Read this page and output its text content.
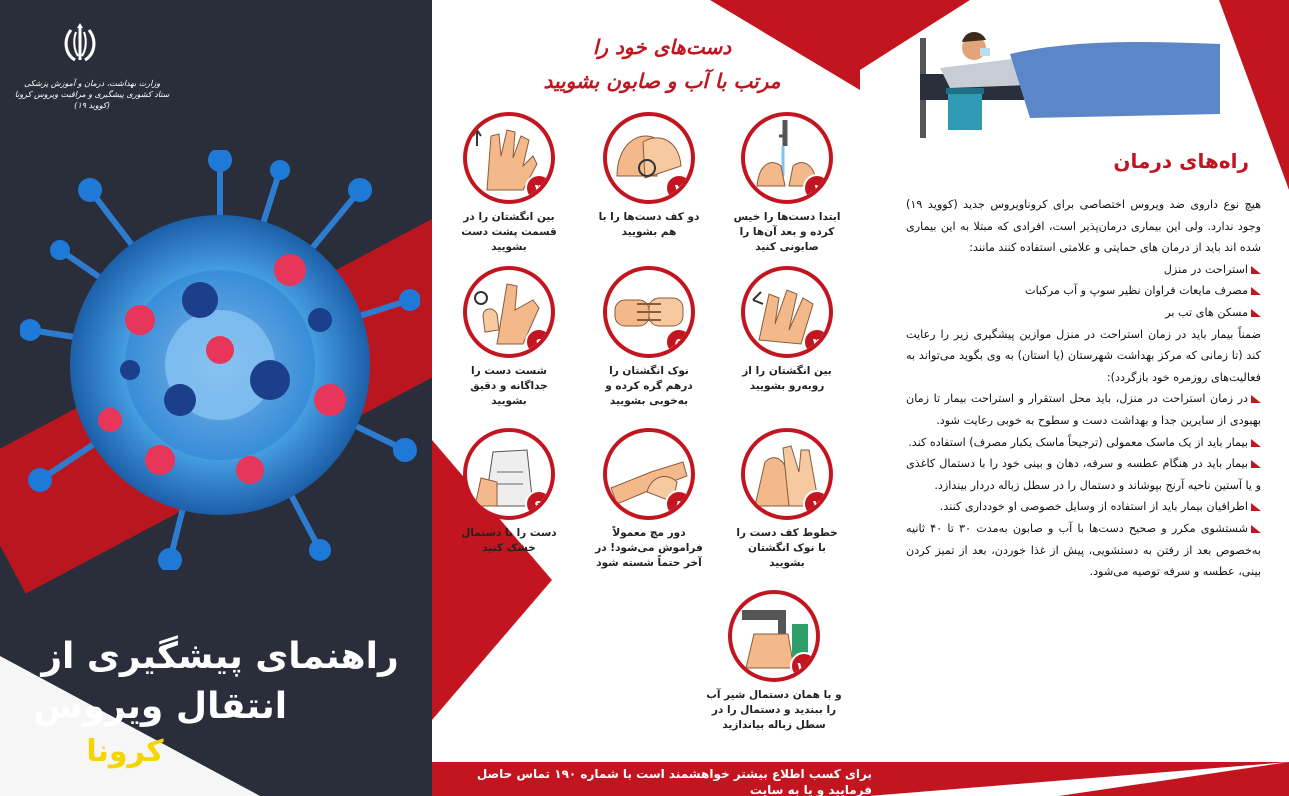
وزارت بهداشت، درمان و آموزش پزشکی
ستاد کشوری پیشگیری و مراقبت ویروس کرونا (کووید ۱۹)
راهنمای پیشگیری از
انتقال ویروس
کرونا
دست‌های خود را
مرتب با آب و صابون بشویید
۱
ابتدا دست‌ها را خیس کرده و بعد آن‌ها را صابونی کنید
۲
دو کف دست‌ها را با هم بشویید
۳
بین انگشتان را در قسمت پشت دست بشویید
۴
بین انگشتان را از روبه‌رو بشویید
۵
نوک انگشتان را درهم گره کرده و به‌خوبی بشویید
۶
شست دست را جداگانه و دقیق بشویید
۷
خطوط کف دست را با نوک انگشتان بشویید
۸
دور مچ معمولاً فراموش می‌شود! در آخر حتماً شسته شود
۹
دست را با دستمال خشک کنید
۱۰
و با همان دستمال شیر آب را ببندید و دستمال را در سطل زباله بیاندازید
راه‌های درمان

هیچ نوع داروی ضد ویروس اختصاصی برای کروناویروس جدید (کووید ۱۹) وجود ندارد. ولی این بیماری درمان‌پذیر است، افرادی که مبتلا به این بیماری شده اند باید از درمان های حمایتی و علامتی استفاده کنند مانند:

استراحت در منزل
مصرف مایعات فراوان نظیر سوپ و آب مرکبات
مسکن های تب بر

ضمناً بیمار باید در زمان استراحت در منزل موازین پیشگیری زیر را رعایت کند (تا زمانی که مرکز بهداشت شهرستان (یا استان) به وی بگوید می‌تواند به فعالیت‌های روزمره خود بازگردد):

در زمان استراحت در منزل، باید محل استقرار و استراحت بیمار تا زمان بهبودی از سایرین جدا و بهداشت دست و سطوح به خوبی رعایت شود.
بیمار باید از یک ماسک معمولی (ترجیحاً ماسک یکبار مصرف) استفاده کند.
بیمار باید در هنگام عطسه و سرفه، دهان و بینی خود را با دستمال کاغذی و یا آستین ناحیه آرنج بپوشاند و دستمال را در سطل زباله دردار بیندازد.
اطرافیان بیمار باید از استفاده از وسایل خصوصی او خودداری کنند.
شستشوی مکرر و صحیح دست‌ها با آب و صابون به‌مدت ۳۰ تا ۴۰ ثانیه به‌خصوص بعد از رفتن به دستشویی، پیش از غذا خوردن، بعد از تمیز کردن بینی، عطسه و سرفه توصیه می‌شود.
برای کسب اطلاع بیشتر خواهشمند است با شماره ۱۹۰ تماس حاصل فرمایید و یا به سایت
